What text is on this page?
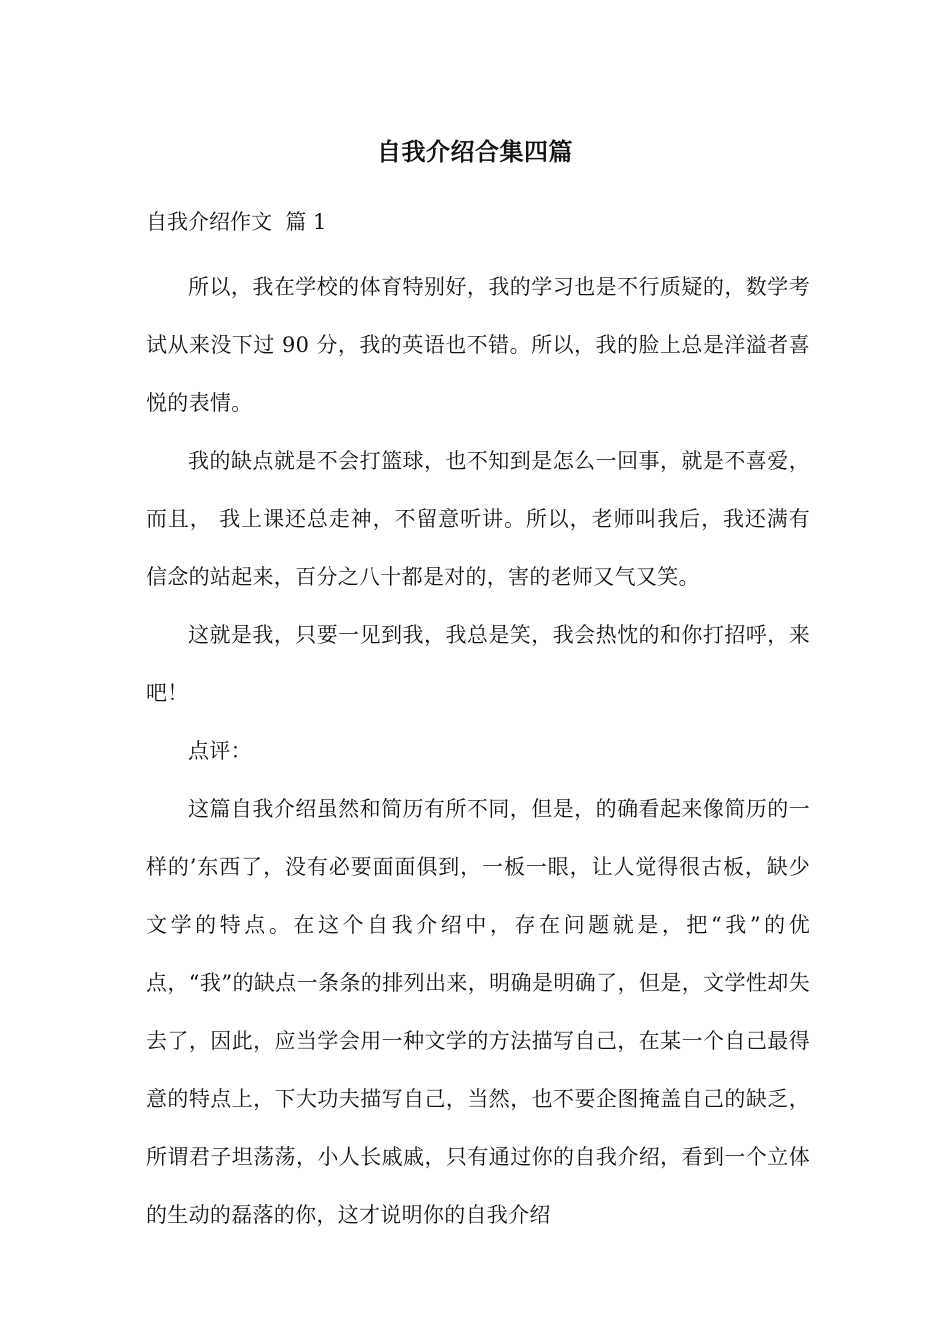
自我介绍合集四篇

自我介绍作文  篇 1

所以，我在学校的体育特别好，我的学习也是不行质疑的，数学考试从来没下过 90 分，我的英语也不错。所以，我的脸上总是洋溢者喜悦的表情。

我的缺点就是不会打篮球，也不知到是怎么一回事，就是不喜爱，而且， 我上课还总走神，不留意听讲。所以，老师叫我后，我还满有信念的站起来，百分之八十都是对的，害的老师又气又笑。

这就是我，只要一见到我，我总是笑，我会热忱的和你打招呼，来吧！

点评：

这篇自我介绍虽然和简历有所不同，但是，的确看起来像简历的一样的’东西了，没有必要面面俱到，一板一眼，让人觉得很古板，缺少文学的特点。在这个自我介绍中，存在问题就是，把“我”的优点，“我”的缺点一条条的排列出来，明确是明确了，但是，文学性却失去了，因此，应当学会用一种文学的方法描写自己，在某一个自己最得意的特点上，下大功夫描写自己，当然，也不要企图掩盖自己的缺乏，所谓君子坦荡荡，小人长戚戚，只有通过你的自我介绍，看到一个立体的生动的磊落的你，这才说明你的自我介绍
